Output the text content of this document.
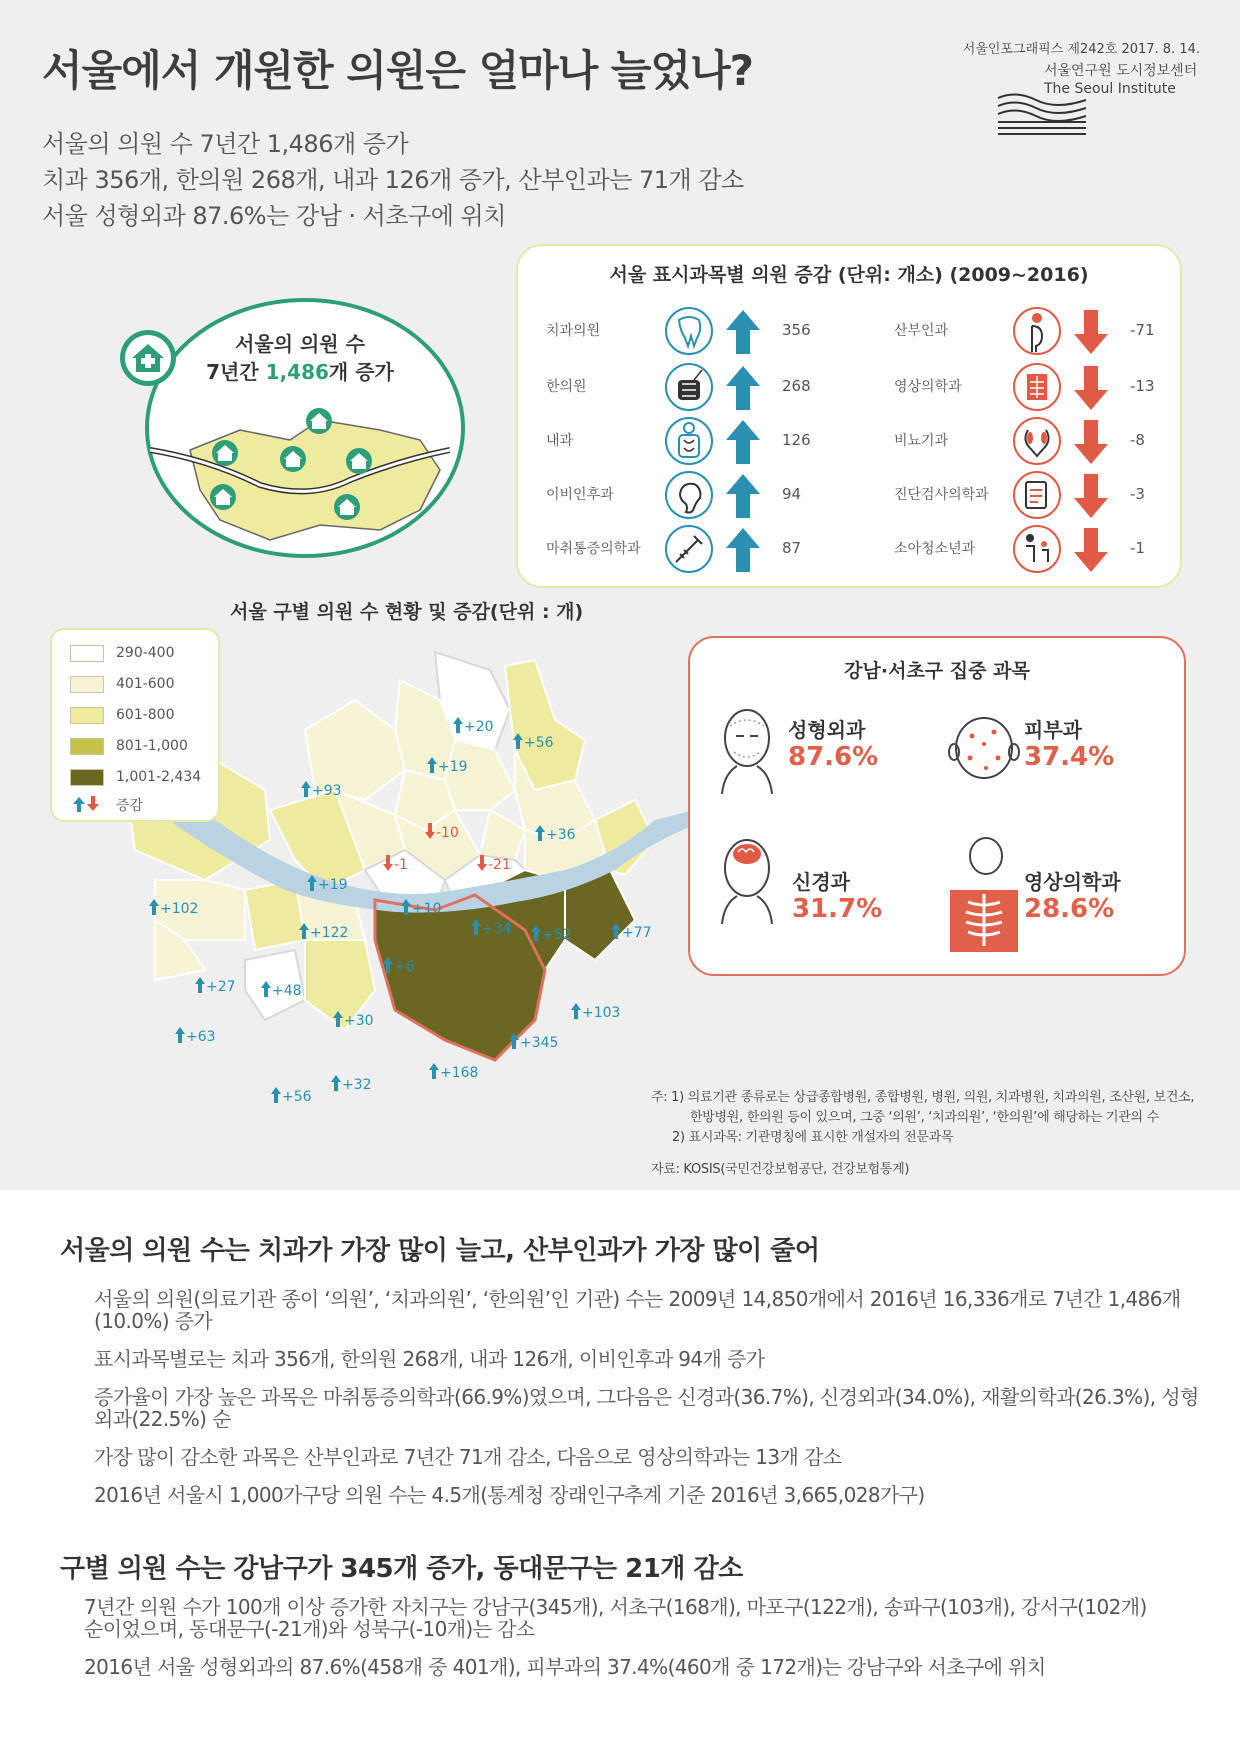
서울에서 개원한 의원은 얼마나 늘었나?
서울의 의원 수 7년간 1,486개 증가
치과 356개, 한의원 268개, 내과 126개 증가, 산부인과는 71개 감소
서울 성형외과 87.6%는 강남 · 서초구에 위치
서울인포그래픽스 제242호 2017. 8. 14.
서울연구원 도시정보센터
The Seoul Institute
서울의 의원 수
7년간 1,486개 증가
서울 표시과목별 의원 증감 (단위: 개소) (2009~2016)
치과의원	356
한의원	268
내과	126
이비인후과	94
마취통증의학과	87
산부인과	-71
영상의학과	-13
비뇨기과	-8
진단검사의학과	-3
소아청소년과	-1
서울 구별 의원 수 현황 및 증감(단위 : 개)
+20
+56
+19
+93
-10	+36
-1	-21
+19
+102	+10
+122	+34	+52	+77
+6
+27	+48
+103
+30
+345
+63
+168
+32
+56
290-400
401-600
601-800
801-1,000
1,001-2,434
증감
강남·서초구 집중 과목
성형외과
87.6%
피부과
37.4%
신경과
31.7%
영상의학과
28.6%
주: 1) 의료기관 종류로는 상급종합병원, 종합병원, 병원, 의원, 치과병원, 치과의원, 조산원, 보건소,
한방병원, 한의원 등이 있으며, 그중 ‘의원’, ‘치과의원’, ‘한의원’에 해당하는 기관의 수
2) 표시과목: 기관명칭에 표시한 개설자의 전문과목
자료: KOSIS(국민건강보험공단, 건강보험통계)
서울의 의원 수는 치과가 가장 많이 늘고, 산부인과가 가장 많이 줄어
서울의 의원(의료기관 종이 ‘의원’, ‘치과의원’, ‘한의원’인 기관) 수는 2009년 14,850개에서 2016년 16,336개로 7년간 1,486개
(10.0%) 증가
표시과목별로는 치과 356개, 한의원 268개, 내과 126개, 이비인후과 94개 증가
증가율이 가장 높은 과목은 마취통증의학과(66.9%)였으며, 그다음은 신경과(36.7%), 신경외과(34.0%), 재활의학과(26.3%), 성형
외과(22.5%) 순
가장 많이 감소한 과목은 산부인과로 7년간 71개 감소, 다음으로 영상의학과는 13개 감소
2016년 서울시 1,000가구당 의원 수는 4.5개(통계청 장래인구추계 기준 2016년 3,665,028가구)
구별 의원 수는 강남구가 345개 증가, 동대문구는 21개 감소
7년간 의원 수가 100개 이상 증가한 자치구는 강남구(345개), 서초구(168개), 마포구(122개), 송파구(103개), 강서구(102개)
순이었으며, 동대문구(-21개)와 성북구(-10개)는 감소
2016년 서울 성형외과의 87.6%(458개 중 401개), 피부과의 37.4%(460개 중 172개)는 강남구와 서초구에 위치
